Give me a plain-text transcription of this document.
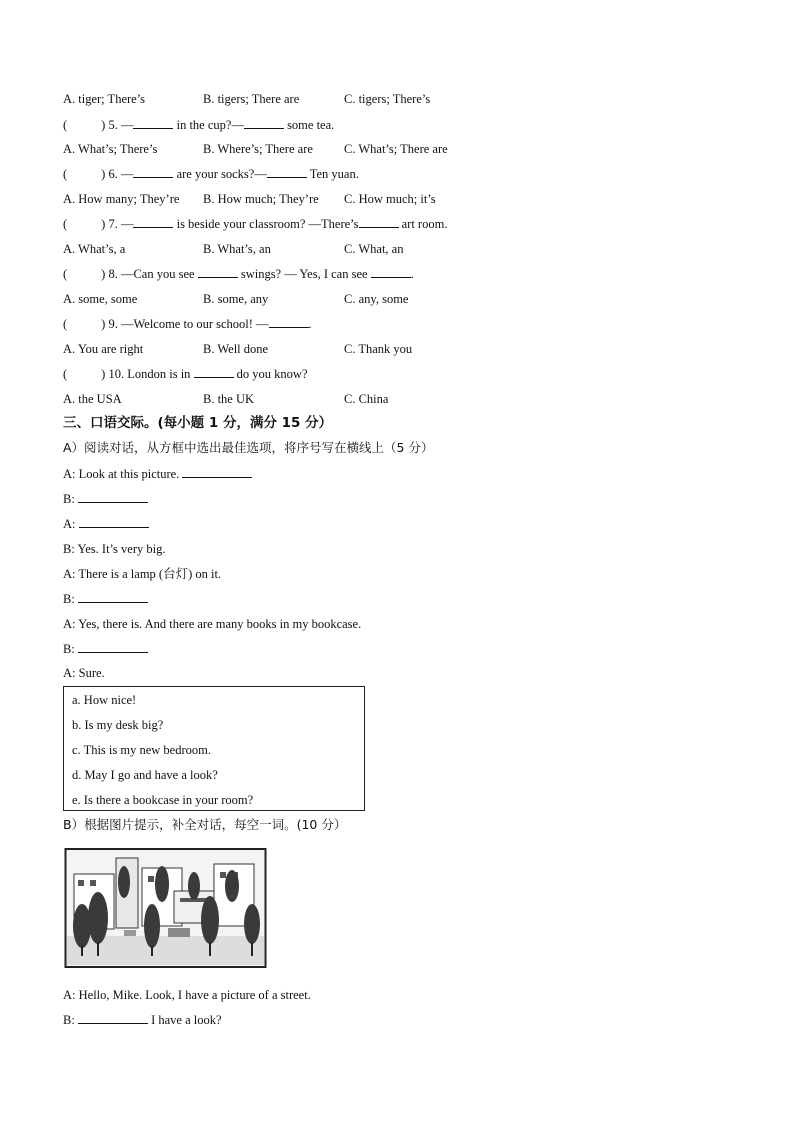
A. tiger; There’s	B. tigers; There are	C. tigers; There’s
(	) 5. —	in the cup?—	some tea.
A. What’s; There’s	B. Where’s; There are C. What’s; There are
(	) 6. —	are your socks?—	Ten yuan.
A. How many; They’re B. How much; They’re C. How much; it’s
(	) 7. —	is beside your classroom? —There’s	art room.
A. What’s, a	B. What’s, an	C. What, an
(	) 8. —Can you see	swings? — Yes, I can see	.
A. some, some	B. some, any	C. any, some
(	) 9. —Welcome to our school! —	.
A. You are right	B. Well done	C. Thank you
(	) 10. London is in	do you know?
A. the USA	B. the UK	C. China
三、口语交际。(每小题 1 分，满分 15 分）
A）阅读对话，从方框中选出最佳选项，将序号写在横线上（5 分）
A: Look at this picture.
B:
A:
B: Yes. It’s very big.
A: There is a lamp (台灯) on it.
B:
A: Yes, there is. And there are many books in my bookcase.
B:
A: Sure.
a. How nice!
b. Is my desk big?
c. This is my new bedroom.
d. May I go and have a look?
e. Is there a bookcase in your room?
B）根据图片提示，补全对话，每空一词。(10 分）
A: Hello, Mike. Look, I have a picture of a street.
B:	I have a look?
